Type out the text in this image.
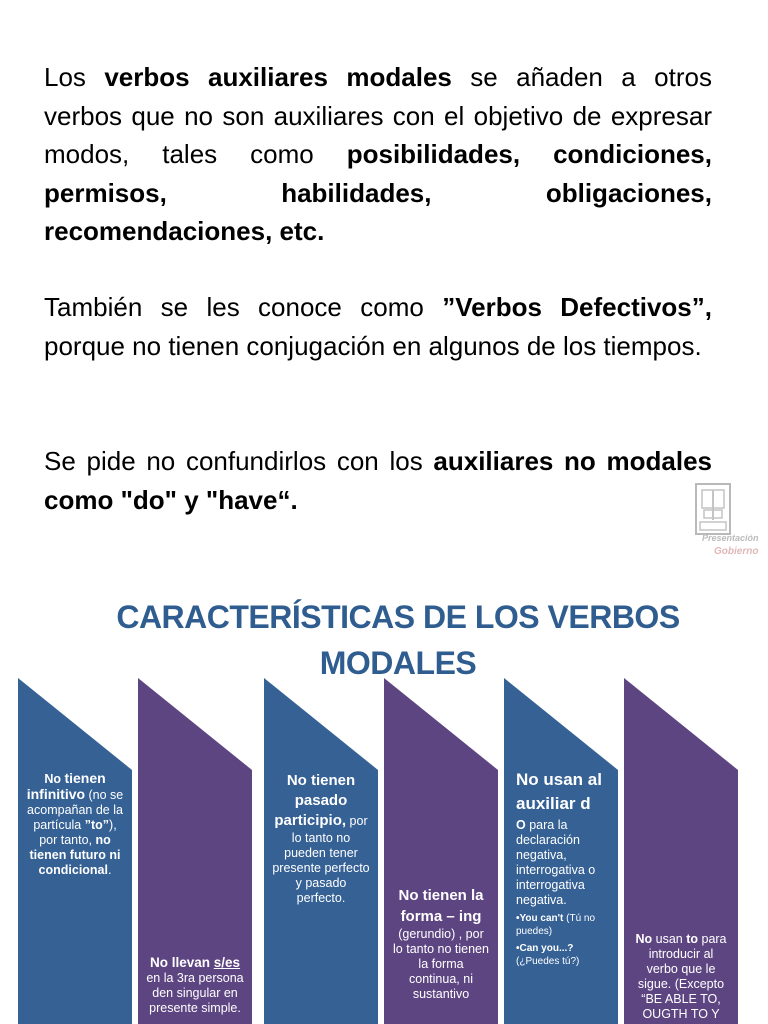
Los verbos auxiliares modales se añaden a otros verbos que no son auxiliares con el objetivo de expresar modos, tales como posibilidades, condiciones, permisos, habilidades, obligaciones, recomendaciones, etc.

También se les conoce como ”Verbos Defectivos”, porque no tienen conjugación en algunos de los tiempos.

Se pide no confundirlos con los auxiliares no modales como "do" y "have“.

Presentación
Gobierno
CARACTERÍSTICAS DE LOS VERBOS
MODALES
No tienen infinitivo (no se acompañan de la partícula ”to”), por tanto, no tienen futuro ni condicional.
No llevan s/es
en la 3ra persona den singular en presente simple.
No tienen pasado participio, por lo tanto no pueden tener presente perfecto y pasado perfecto.	No tienen la forma – ing (gerundio) , por lo tanto no tienen la forma continua, ni sustantivo
No usan al auxiliar d
O para la declaración negativa, interrogativa o interrogativa negativa.
•You can't (Tú no puedes)
•Can you...? (¿Puedes tú?)
No usan to para introducir al verbo que le sigue. (Excepto “BE ABLE TO, OUGTH TO Y
